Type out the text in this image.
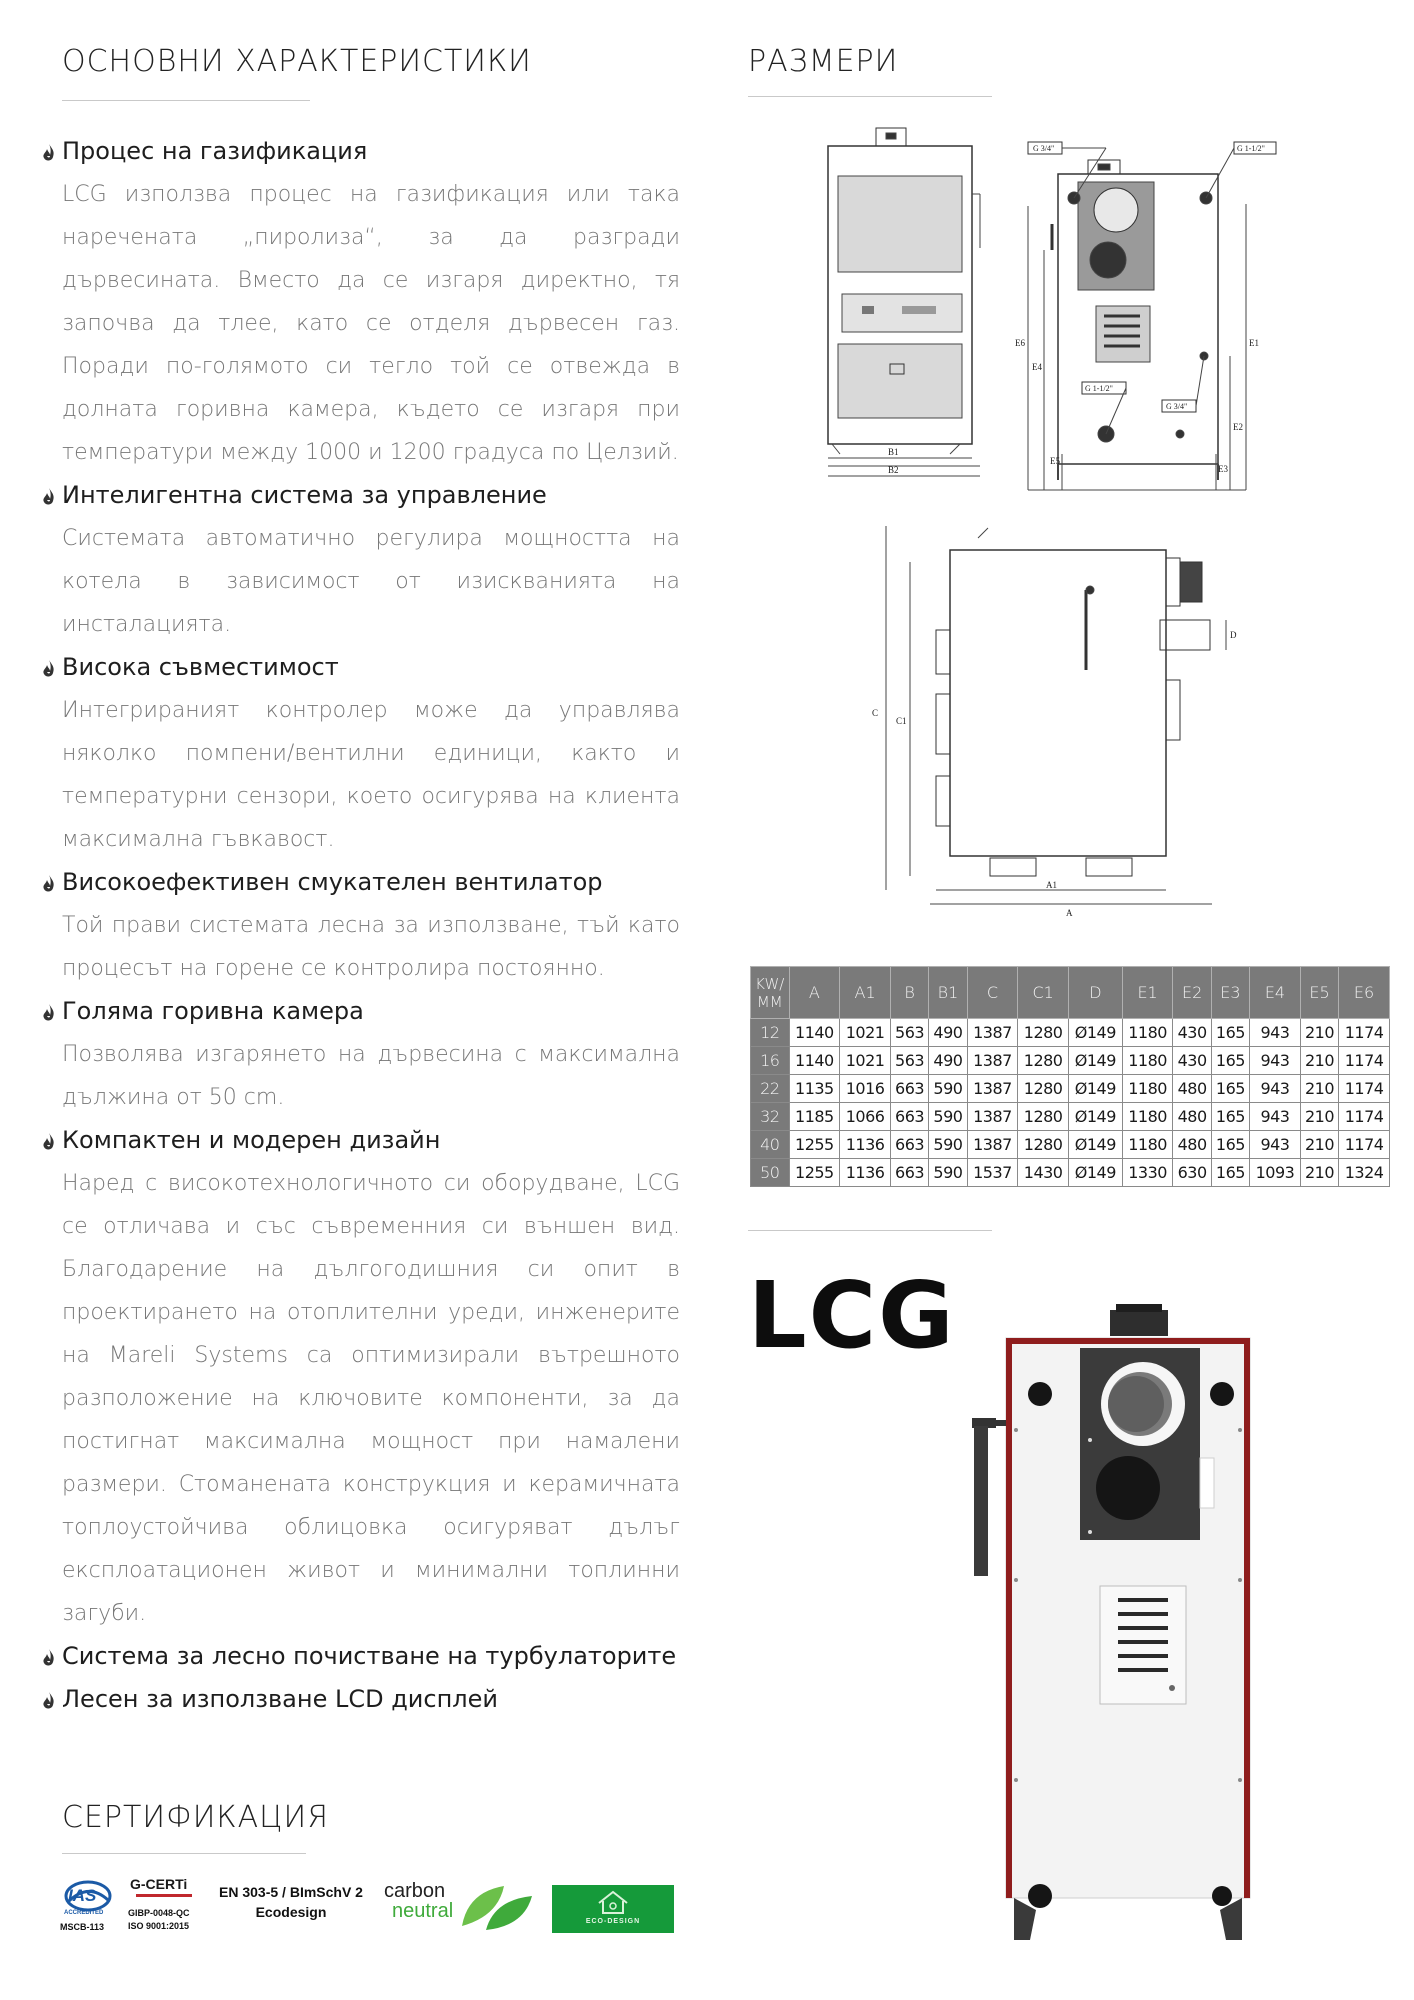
ОСНОВНИ ХАРАКТЕРИСТИКИ
Процес на газификация
LCG използва процес на газификация или така наречената „пиролиза“, за да разгради дървесината. Вместо да се изгаря директно, тя започва да тлее, като се отделя дървесен газ. Поради по-голямото си тегло той се отвежда в долната горивна камера, където се изгаря при температури между 1000 и 1200 градуса по Целзий.
Интелигентна система за управление
Системата автоматично регулира мощността на котела в зависимост от изискванията на инсталацията.
Висока съвместимост
Интегрираният контролер може да управлява няколко помпени/вентилни единици, както и температурни сензори, което осигурява на клиента максимална гъвкавост.
Високоефективен смукателен вентилатор
Той прави системата лесна за използване, тъй като процесът на горене се контролира постоянно.
Голяма горивна камера
Позволява изгарянето на дървесина с максимална дължина от 50 cm.
Компактен и модерен дизайн
Наред с високотехнологичното си оборудване, LCG се отличава и със съвременния си външен вид. Благодарение на дългогодишния си опит в проектирането на отоплителни уреди, инженерите на Mareli Systems са оптимизирали вътрешното разположение на ключовите компоненти, за да постигнат максимална мощност при намалени размери. Стоманената конструкция и керамичната топлоустойчива облицовка осигуряват дълъг експлоатационен живот и минимални топлинни загуби.
Система за лесно почистване на турбулаторите
Лесен за използване LCD дисплей
СЕРТИФИКАЦИЯ
IAS
ACCREDITED
MSCB-113
G-CERTi
GIBP-0048-QC
ISO 9001:2015
EN 303-5 / BImSchV 2
Ecodesign
carbon
neutral	ECO-DESIGN
РАЗМЕРИ
B1
B2
G 3/4"	G 1-1/2"
G 1-1/2"
G 3/4"
E6
E4
E5
E1
E2
E3
C
C1
D
A1
A
KW/
MM	A	A1	B	B1	C	C1	D	E1	E2	E3	E4	E5	E6
12	1140	1021	563	490	1387	1280	Ø149	1180	430	165	943	210	1174
16	1140	1021	563	490	1387	1280	Ø149	1180	430	165	943	210	1174
22	1135	1016	663	590	1387	1280	Ø149	1180	480	165	943	210	1174
32	1185	1066	663	590	1387	1280	Ø149	1180	480	165	943	210	1174
40	1255	1136	663	590	1387	1280	Ø149	1180	480	165	943	210	1174
50	1255	1136	663	590	1537	1430	Ø149	1330	630	165	1093	210	1324
LCG
